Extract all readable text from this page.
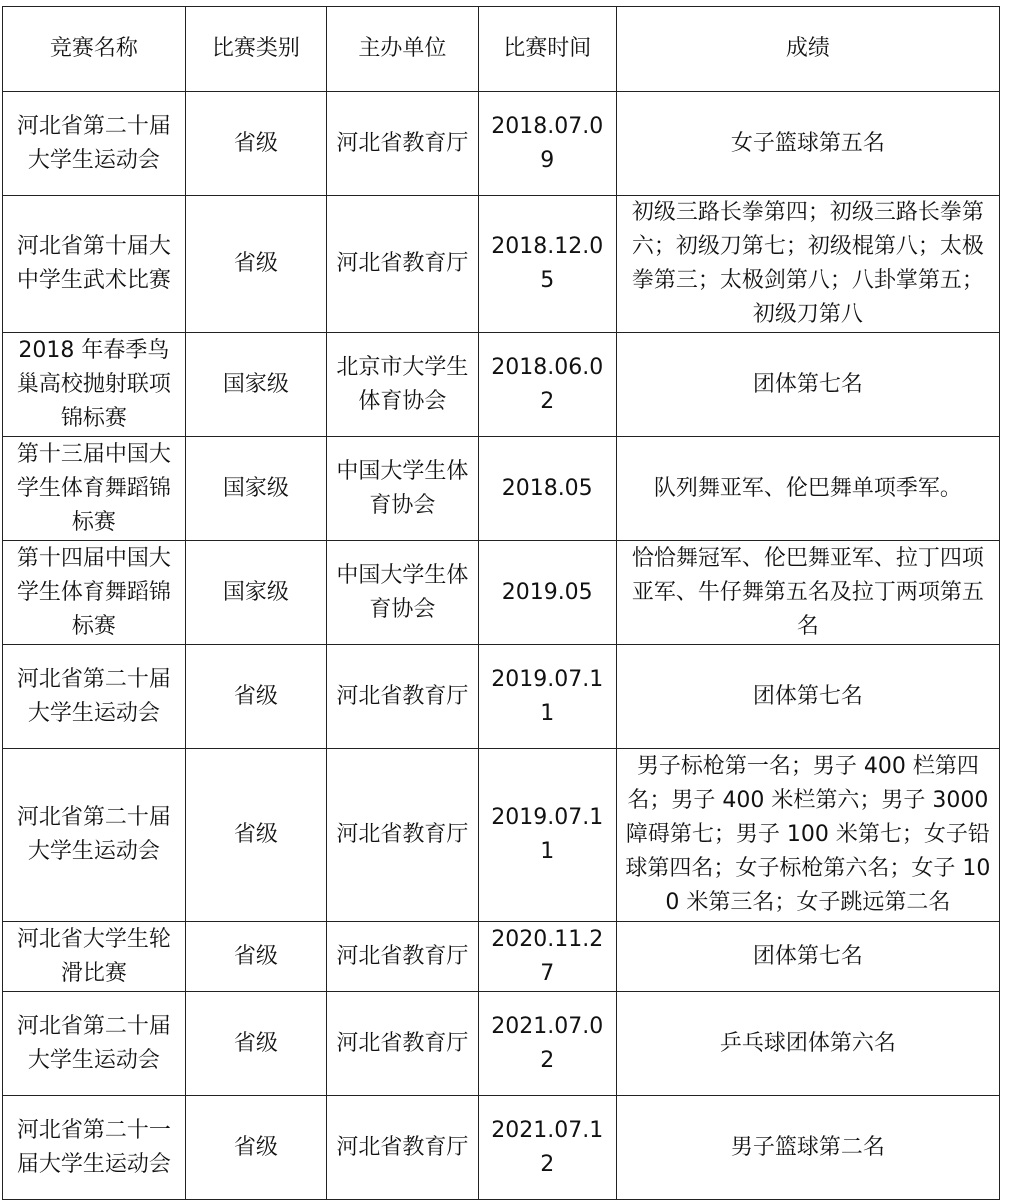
竞赛名称	比赛类别	主办单位	比赛时间	成绩
河北省第二十届大学生运动会	省级	河北省教育厅	2018.07.09	女子篮球第五名
河北省第十届大中学生武术比赛	省级	河北省教育厅	2018.12.05	初级三路长拳第四；初级三路长拳第六；初级刀第七；初级棍第八；太极拳第三；太极剑第八；八卦掌第五；初级刀第八
2018 年春季鸟巢高校抛射联项锦标赛	国家级	北京市大学生体育协会	2018.06.02	团体第七名
第十三届中国大学生体育舞蹈锦标赛	国家级	中国大学生体育协会	2018.05	队列舞亚军、伦巴舞单项季军。
第十四届中国大学生体育舞蹈锦标赛	国家级	中国大学生体育协会	2019.05	恰恰舞冠军、伦巴舞亚军、拉丁四项亚军、牛仔舞第五名及拉丁两项第五名
河北省第二十届大学生运动会	省级	河北省教育厅	2019.07.11	团体第七名
河北省第二十届大学生运动会	省级	河北省教育厅	2019.07.11	男子标枪第一名；男子 400 栏第四名；男子 400 米栏第六；男子 3000 障碍第七；男子 100 米第七；女子铅球第四名；女子标枪第六名；女子 100 米第三名；女子跳远第二名
河北省大学生轮滑比赛	省级	河北省教育厅	2020.11.27	团体第七名
河北省第二十届大学生运动会	省级	河北省教育厅	2021.07.02	乒乓球团体第六名
河北省第二十一届大学生运动会	省级	河北省教育厅	2021.07.12	男子篮球第二名
